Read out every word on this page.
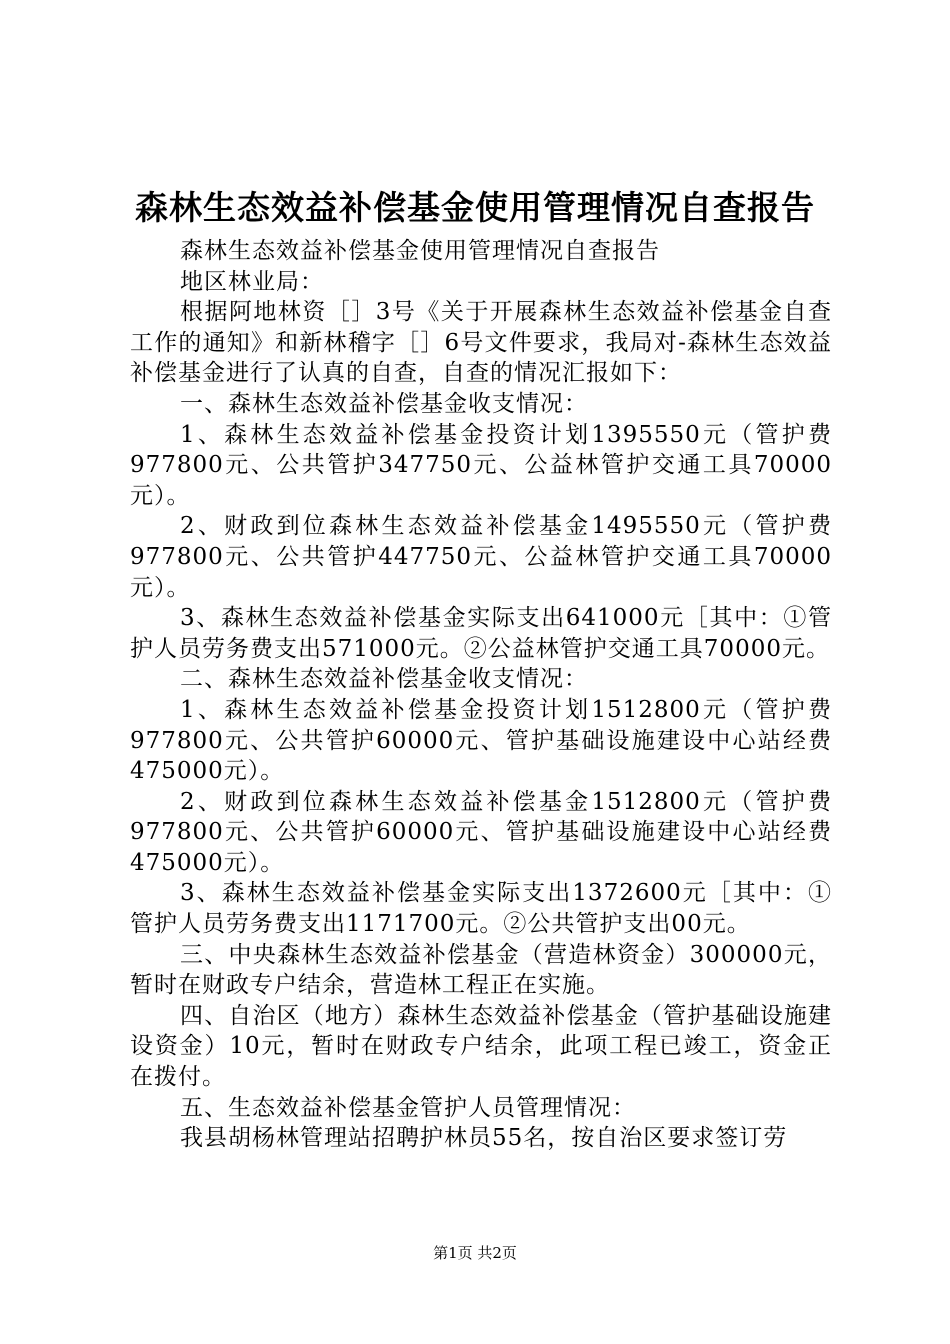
森林生态效益补偿基金使用管理情况自查报告

森林生态效益补偿基金使用管理情况自查报告

地区林业局：

根据阿地林资［］3号《关于开展森林生态效益补偿基金自查工作的通知》和新林稽字［］6号文件要求，我局对-森林生态效益补偿基金进行了认真的自查，自查的情况汇报如下：

一、森林生态效益补偿基金收支情况：

1、森林生态效益补偿基金投资计划1395550元（管护费977800元、公共管护347750元、公益林管护交通工具70000元）。

2、财政到位森林生态效益补偿基金1495550元（管护费977800元、公共管护447750元、公益林管护交通工具70000元）。

3、森林生态效益补偿基金实际支出641000元［其中：①管护人员劳务费支出571000元。②公益林管护交通工具70000元。

二、森林生态效益补偿基金收支情况：

1、森林生态效益补偿基金投资计划1512800元（管护费977800元、公共管护60000元、管护基础设施建设中心站经费475000元）。

2、财政到位森林生态效益补偿基金1512800元（管护费977800元、公共管护60000元、管护基础设施建设中心站经费475000元）。

3、森林生态效益补偿基金实际支出1372600元［其中：①管护人员劳务费支出1171700元。②公共管护支出00元。

三、中央森林生态效益补偿基金（营造林资金）300000元，暂时在财政专户结余，营造林工程正在实施。

四、自治区（地方）森林生态效益补偿基金（管护基础设施建设资金）10元，暂时在财政专户结余，此项工程已竣工，资金正在拨付。

五、生态效益补偿基金管护人员管理情况：

我县胡杨林管理站招聘护林员55名，按自治区要求签订劳

第1页 共2页
